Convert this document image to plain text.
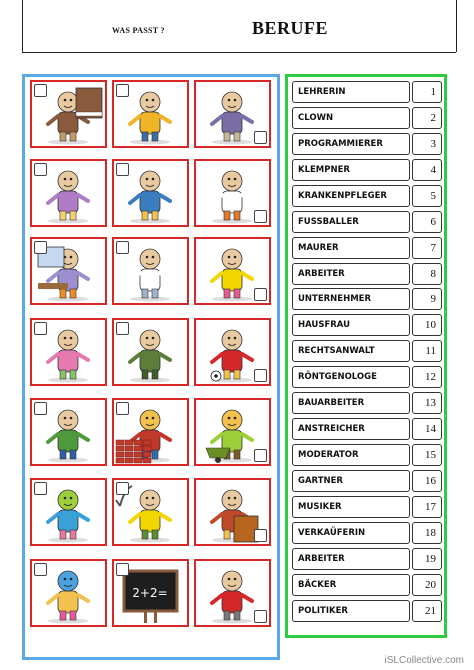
WAS PASST ?	BERUFE
2+2=
LEHRERIN	1
CLOWN	2
PROGRAMMIERER	3
KLEMPNER	4
KRANKENPFLEGER	5
FUSSBALLER	6
MAURER	7
ARBEITER	8
UNTERNEHMER	9
HAUSFRAU	10
RECHTSANWALT	11
RÖNTGENOLOGE	12
BAUARBEITER	13
ANSTREICHER	14
MODERATOR	15
GARTNER	16
MUSIKER	17
VERKAÜFERIN	18
ARBEITER	19
BÄCKER	20
POLITIKER	21
iSLCollective.com
